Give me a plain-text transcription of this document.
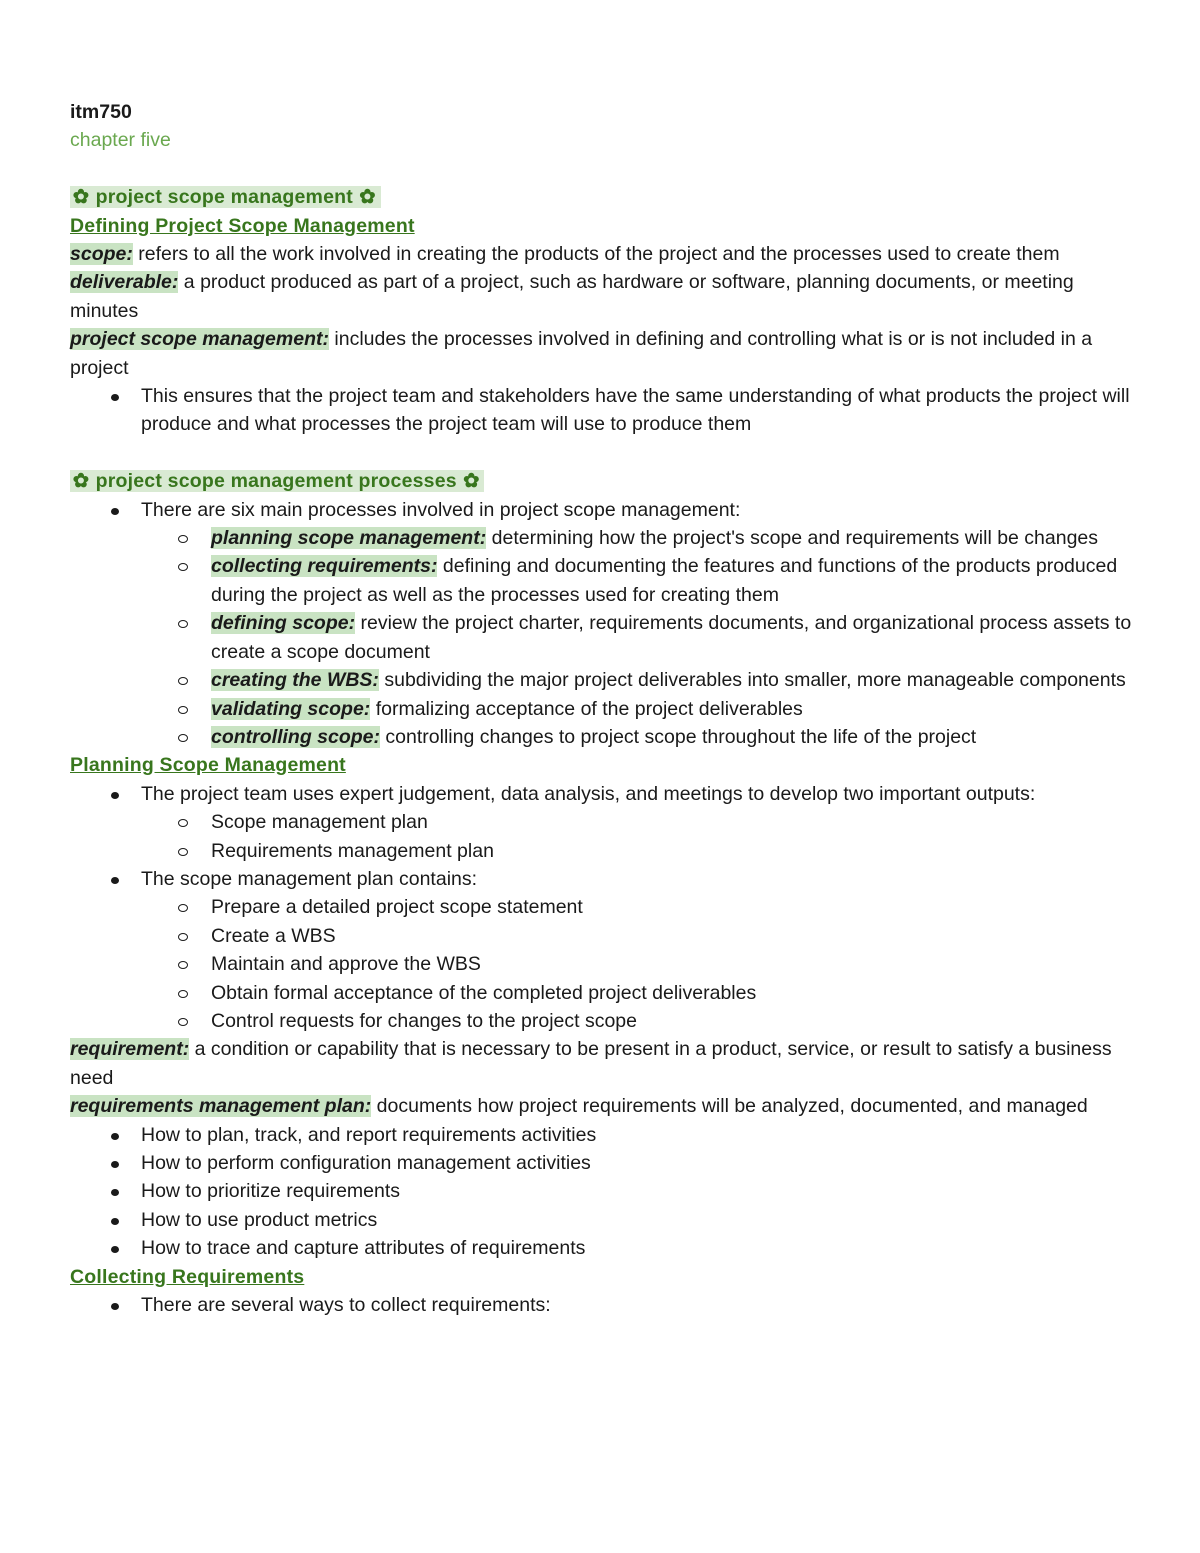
itm750

chapter five

✿ project scope management ✿

Defining Project Scope Management

scope: refers to all the work involved in creating the products of the project and the processes used to create them

deliverable: a product produced as part of a project, such as hardware or software, planning documents, or meeting minutes

project scope management: includes the processes involved in defining and controlling what is or is not included in a project

This ensures that the project team and stakeholders have the same understanding of what products the project will produce and what processes the project team will use to produce them

✿ project scope management processes ✿

There are six main processes involved in project scope management:
planning scope management: determining how the project's scope and requirements will be changes
collecting requirements: defining and documenting the features and functions of the products produced during the project as well as the processes used for creating them
defining scope: review the project charter, requirements documents, and organizational process assets to create a scope document
creating the WBS: subdividing the major project deliverables into smaller, more manageable components
validating scope: formalizing acceptance of the project deliverables
controlling scope: controlling changes to project scope throughout the life of the project

Planning Scope Management

The project team uses expert judgement, data analysis, and meetings to develop two important outputs:
Scope management plan
Requirements management plan
The scope management plan contains:
Prepare a detailed project scope statement
Create a WBS
Maintain and approve the WBS
Obtain formal acceptance of the completed project deliverables
Control requests for changes to the project scope

requirement: a condition or capability that is necessary to be present in a product, service, or result to satisfy a business need

requirements management plan: documents how project requirements will be analyzed, documented, and managed

How to plan, track, and report requirements activities
How to perform configuration management activities
How to prioritize requirements
How to use product metrics
How to trace and capture attributes of requirements

Collecting Requirements

There are several ways to collect requirements:
